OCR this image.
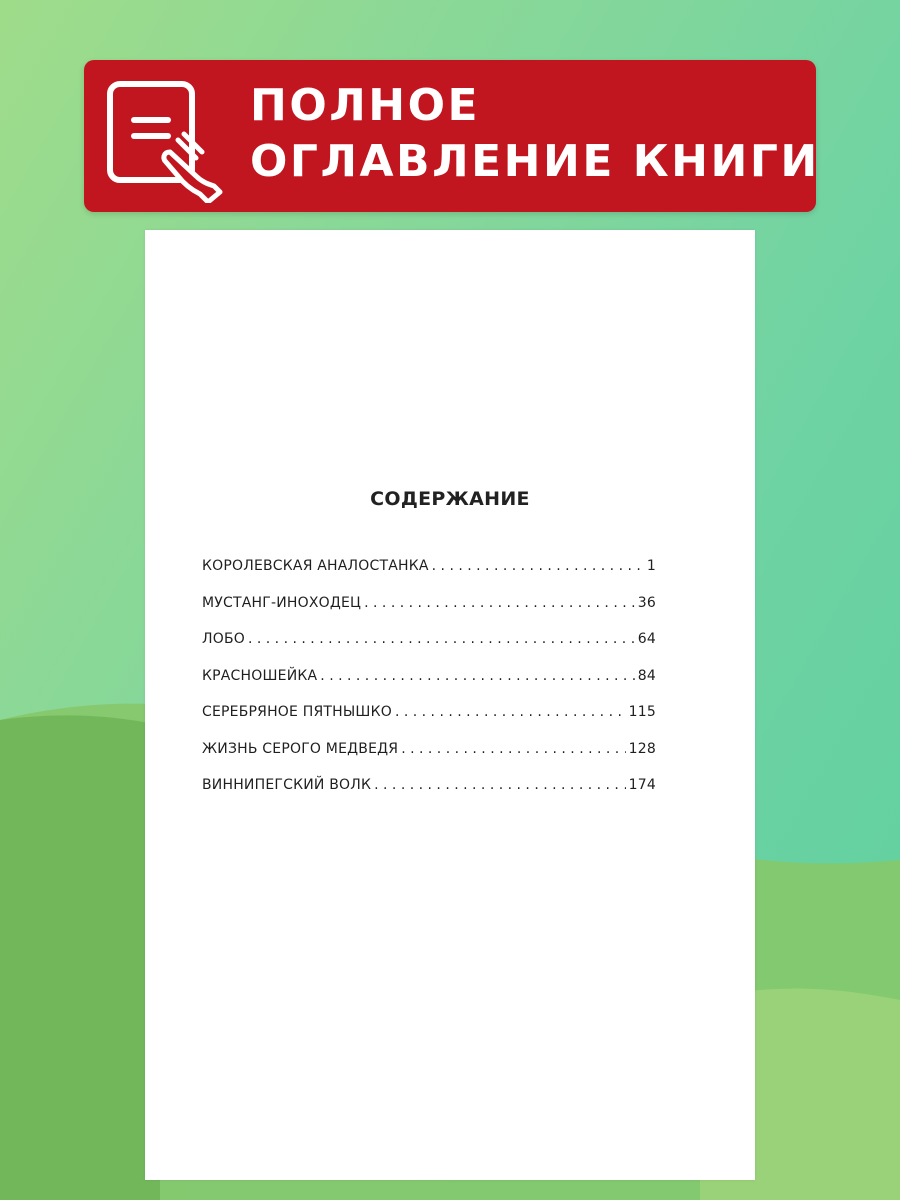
ПОЛНОЕ
ОГЛАВЛЕНИЕ КНИГИ
СОДЕРЖАНИЕ
КОРОЛЕВСКАЯ АНАЛОСТАНКА . . .	1
МУСТАНГ-ИНОХОДЕЦ . . .	36
ЛОБО . . .	64
КРАСНОШЕЙКА . . .	84
СЕРЕБРЯНОЕ ПЯТНЫШКО . . .	115
ЖИЗНЬ СЕРОГО МЕДВЕДЯ . . .	128
ВИННИПЕГСКИЙ ВОЛК . . .	174
